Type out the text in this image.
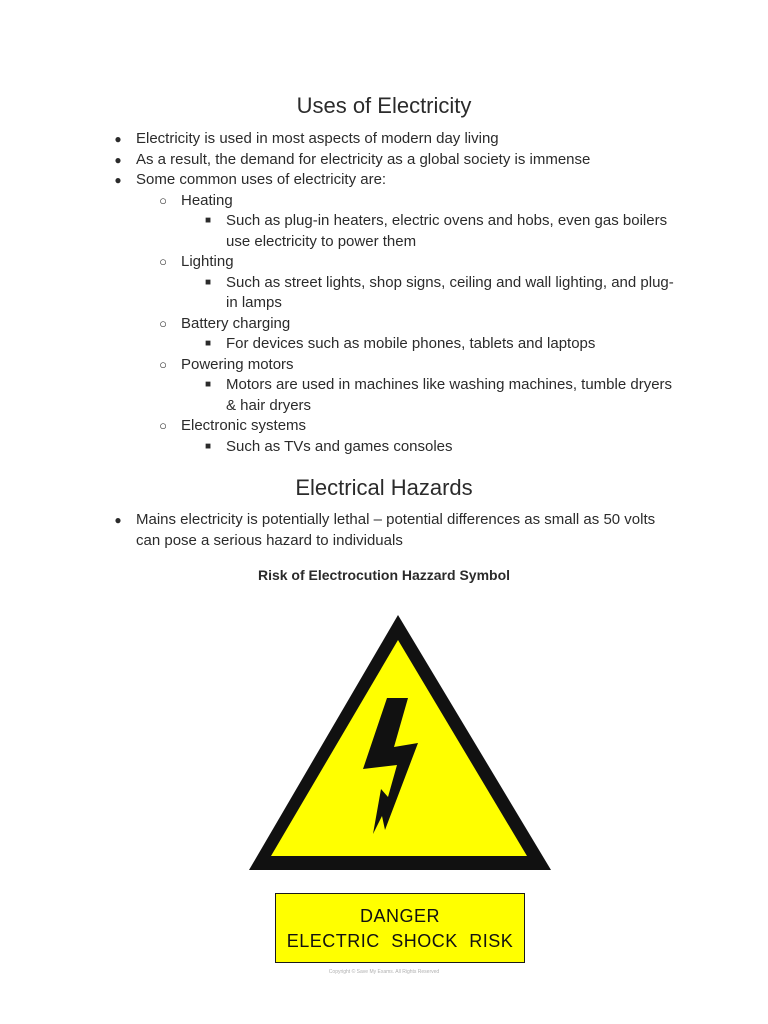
Uses of Electricity
● Electricity is used in most aspects of modern day living
● As a result, the demand for electricity as a global society is immense
● Some common uses of electricity are:
○ Heating
■ Such as plug-in heaters, electric ovens and hobs, even gas boilers use electricity to power them
○ Lighting
■ Such as street lights, shop signs, ceiling and wall lighting, and plug-in lamps
○ Battery charging
■ For devices such as mobile phones, tablets and laptops
○ Powering motors
■ Motors are used in machines like washing machines, tumble dryers & hair dryers
○ Electronic systems
■ Such as TVs and games consoles
Electrical Hazards
● Mains electricity is potentially lethal – potential differences as small as 50 volts can pose a serious hazard to individuals
Risk of Electrocution Hazzard Symbol
DANGER
ELECTRIC SHOCK RISK
Copyright © Save My Exams. All Rights Reserved
